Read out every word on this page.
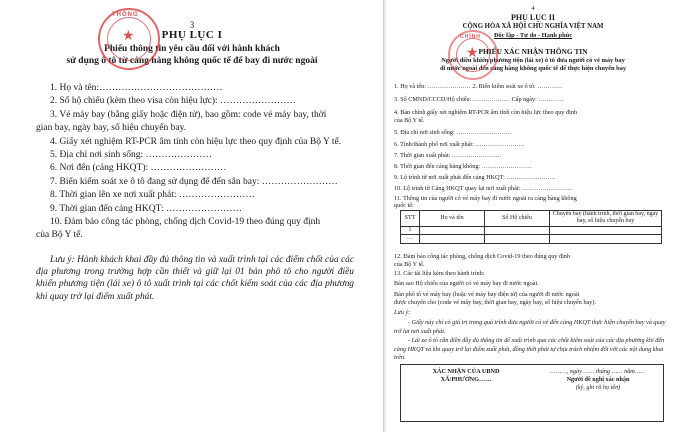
3
PHỤ LỤC I
Phiếu thông tin yêu cầu đối với hành khách
sử dụng ô tô từ cảng hàng không quốc tế để bay đi nước ngoài
1. Họ và tên:…………………………………
2. Số hộ chiếu (kèm theo visa còn hiệu lực): ……………………
3. Vé máy bay (bằng giấy hoặc điện tử), bao gồm: code vé máy bay, thời
gian bay, ngày bay, số hiệu chuyến bay.
4. Giấy xét nghiệm RT-PCR âm tính còn hiệu lực theo quy định của Bộ Y tế.
5. Địa chỉ nơi sinh sống: …………………
6. Nơi đến (cảng HKQT): ……………………
7. Biển kiểm soát xe ô tô đang sử dụng để đến sân bay: ……………………
8. Thời gian lên xe nơi xuất phát: ……………………
9. Thời gian đến cảng HKQT: ……………………
10. Đảm bảo công tác phòng, chống dịch Covid-19 theo đúng quy định
của Bộ Y tế.
Lưu ý: Hành khách khai đầy đủ thông tin và xuất trình tại các điểm chốt của các địa phương trong trường hợp cần thiết và giữ lại 01 bản phô tô cho người điều khiển phương tiện (lái xe) ô tô xuất trình tại các chốt kiểm soát của các địa phương khi quay trở lại điểm xuất phát.
★
THỐNG
4
PHỤ LỤC II
CỘNG HÒA XÃ HỘI CHỦ NGHĨA VIỆT NAM
Độc lập - Tự do - Hạnh phúc
PHIẾU XÁC NHẬN THÔNG TIN
Người điều khiển phương tiện (lái xe) ô tô đưa người có vé máy bay
đi nước ngoài đến cảng hàng không quốc tế để thực hiện chuyến bay
1. Họ và tên: ………………… 2. Biển kiểm soát xe ô tô: …………
3. Số CMND/CCCD/Hộ chiếu: ……………… Cấp ngày: …………
4. Bản chính giấy xét nghiệm RT-PCR âm tính còn hiệu lực theo quy định
của Bộ Y tế.
5. Địa chỉ nơi sinh sống: ………………………
6. Tỉnh/thành phố nơi xuất phát: ……………………
7. Thời gian xuất phát: ……………………
8. Thời gian đến cảng hàng không: ……………………
9. Lộ trình từ nơi xuất phát đến cảng HKQT: ……………………
10. Lộ trình từ Cảng HKQT quay lại nơi xuất phát: ……………………
11. Thông tin của người có vé máy bay đi nước ngoài ra cảng hàng không
quốc tế:
STT	Họ và tên	Số Hộ chiếu	Chuyến bay (hành trình, thời gian bay, ngày bay, số hiệu chuyến bay
1			
…			
12. Đảm bảo công tác phòng, chống dịch Covid-19 theo đúng quy định
của Bộ Y tế.
13. Các tài liệu kèm theo hành trình:
Bản sao Hộ chiếu của người có vé máy bay đi nước ngoài.
Bản phô tô vé máy bay (hoặc vé máy bay điện tử) của người đi nước ngoài
được chuyển cho (code vé máy bay, thời gian bay, ngày bay, số hiệu chuyến bay).
Lưu ý:
- Giấy này chỉ có giá trị trong quá trình đưa người có vé đến cảng HKQT thực hiện chuyến bay và quay trở lại nơi xuất phát.
- Lái xe ô tô cần điền đầy đủ thông tin để xuất trình qua các chốt kiểm soát của các địa phương khi đến cảng HKQT và khi quay trở lại điểm xuất phát, đồng thời phải tự chịu trách nhiệm đối với các nội dung khai trên.
XÁC NHẬN CỦA UBND
XÃ/PHƯỜNG……
………, ngày …… tháng …… năm……
Người đề nghị xác nhận
(ký, ghi rõ họ tên)
★
CHÍNH
